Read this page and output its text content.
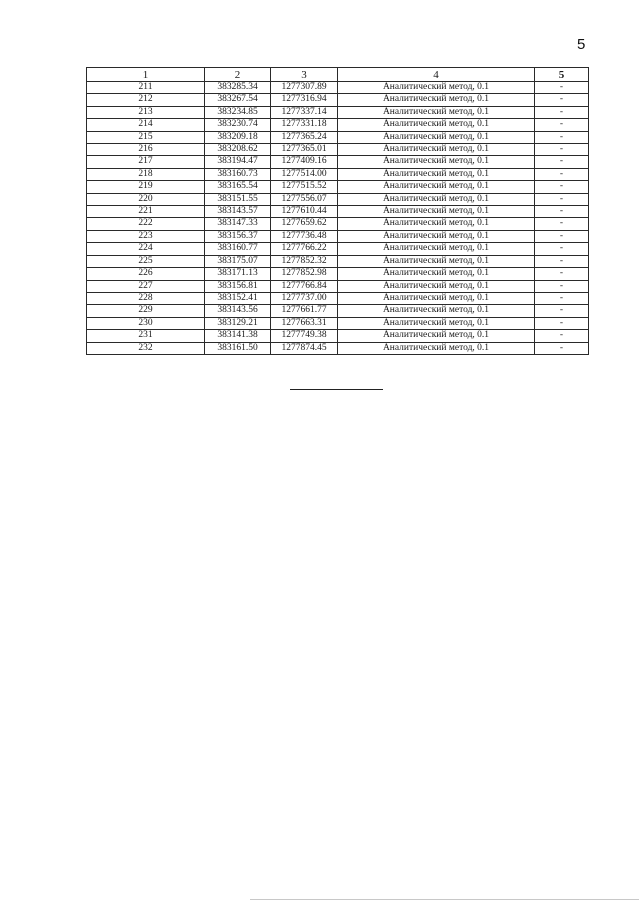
5
1	2	3	4	5
211	383285.34	1277307.89	Аналитический метод, 0.1	-
212	383267.54	1277316.94	Аналитический метод, 0.1	-
213	383234.85	1277337.14	Аналитический метод, 0.1	-
214	383230.74	1277331.18	Аналитический метод, 0.1	-
215	383209.18	1277365.24	Аналитический метод, 0.1	-
216	383208.62	1277365.01	Аналитический метод, 0.1	-
217	383194.47	1277409.16	Аналитический метод, 0.1	-
218	383160.73	1277514.00	Аналитический метод, 0.1	-
219	383165.54	1277515.52	Аналитический метод, 0.1	-
220	383151.55	1277556.07	Аналитический метод, 0.1	-
221	383143.57	1277610.44	Аналитический метод, 0.1	-
222	383147.33	1277659.62	Аналитический метод, 0.1	-
223	383156.37	1277736.48	Аналитический метод, 0.1	-
224	383160.77	1277766.22	Аналитический метод, 0.1	-
225	383175.07	1277852.32	Аналитический метод, 0.1	-
226	383171.13	1277852.98	Аналитический метод, 0.1	-
227	383156.81	1277766.84	Аналитический метод, 0.1	-
228	383152.41	1277737.00	Аналитический метод, 0.1	-
229	383143.56	1277661.77	Аналитический метод, 0.1	-
230	383129.21	1277663.31	Аналитический метод, 0.1	-
231	383141.38	1277749.38	Аналитический метод, 0.1	-
232	383161.50	1277874.45	Аналитический метод, 0.1	-
